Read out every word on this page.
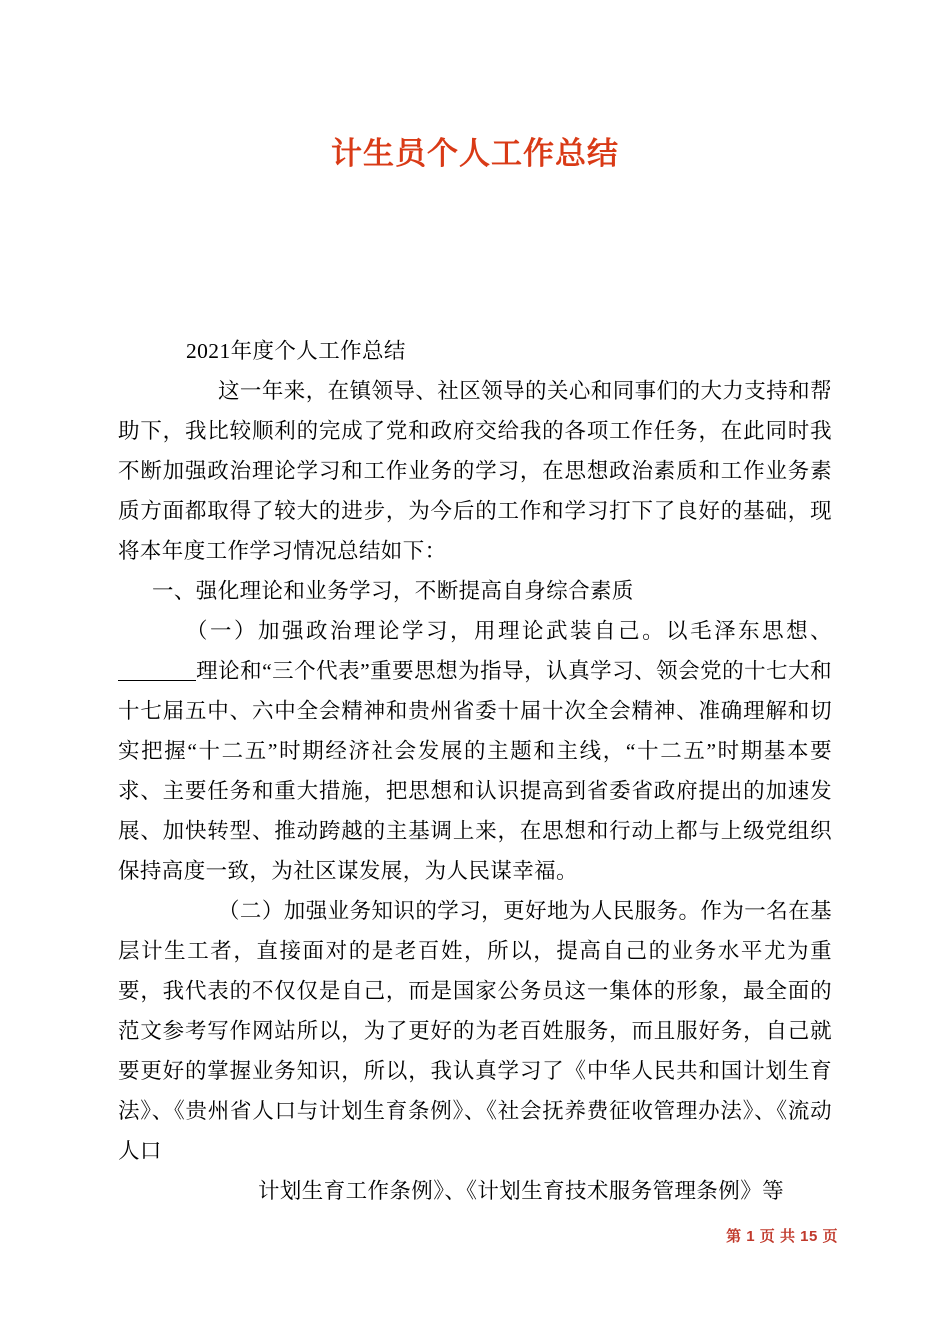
计生员个人工作总结

2021年度个人工作总结

这一年来，在镇领导、社区领导的关心和同事们的大力支持和帮助下，我比较顺利的完成了党和政府交给我的各项工作任务，在此同时我不断加强政治理论学习和工作业务的学习，在思想政治素质和工作业务素质方面都取得了较大的进步，为今后的工作和学习打下了良好的基础，现将本年度工作学习情况总结如下：

一、强化理论和业务学习，不断提高自身综合素质

（一）加强政治理论学习，用理论武装自己。以毛泽东思想、理论和“三个代表”重要思想为指导，认真学习、领会党的十七大和十七届五中、六中全会精神和贵州省委十届十次全会精神、准确理解和切实把握“十二五”时期经济社会发展的主题和主线，“十二五”时期基本要求、主要任务和重大措施，把思想和认识提高到省委省政府提出的加速发展、加快转型、推动跨越的主基调上来，在思想和行动上都与上级党组织保持高度一致，为社区谋发展，为人民谋幸福。

（二）加强业务知识的学习，更好地为人民服务。作为一名在基层计生工者，直接面对的是老百姓，所以，提高自己的业务水平尤为重要，我代表的不仅仅是自己，而是国家公务员这一集体的形象，最全面的范文参考写作网站所以，为了更好的为老百姓服务，而且服好务，自己就要更好的掌握业务知识，所以，我认真学习了《中华人民共和国计划生育法》、《贵州省人口与计划生育条例》、《社会抚养费征收管理办法》、《流动人口

计划生育工作条例》、《计划生育技术服务管理条例》等

第 1 页 共 15 页
